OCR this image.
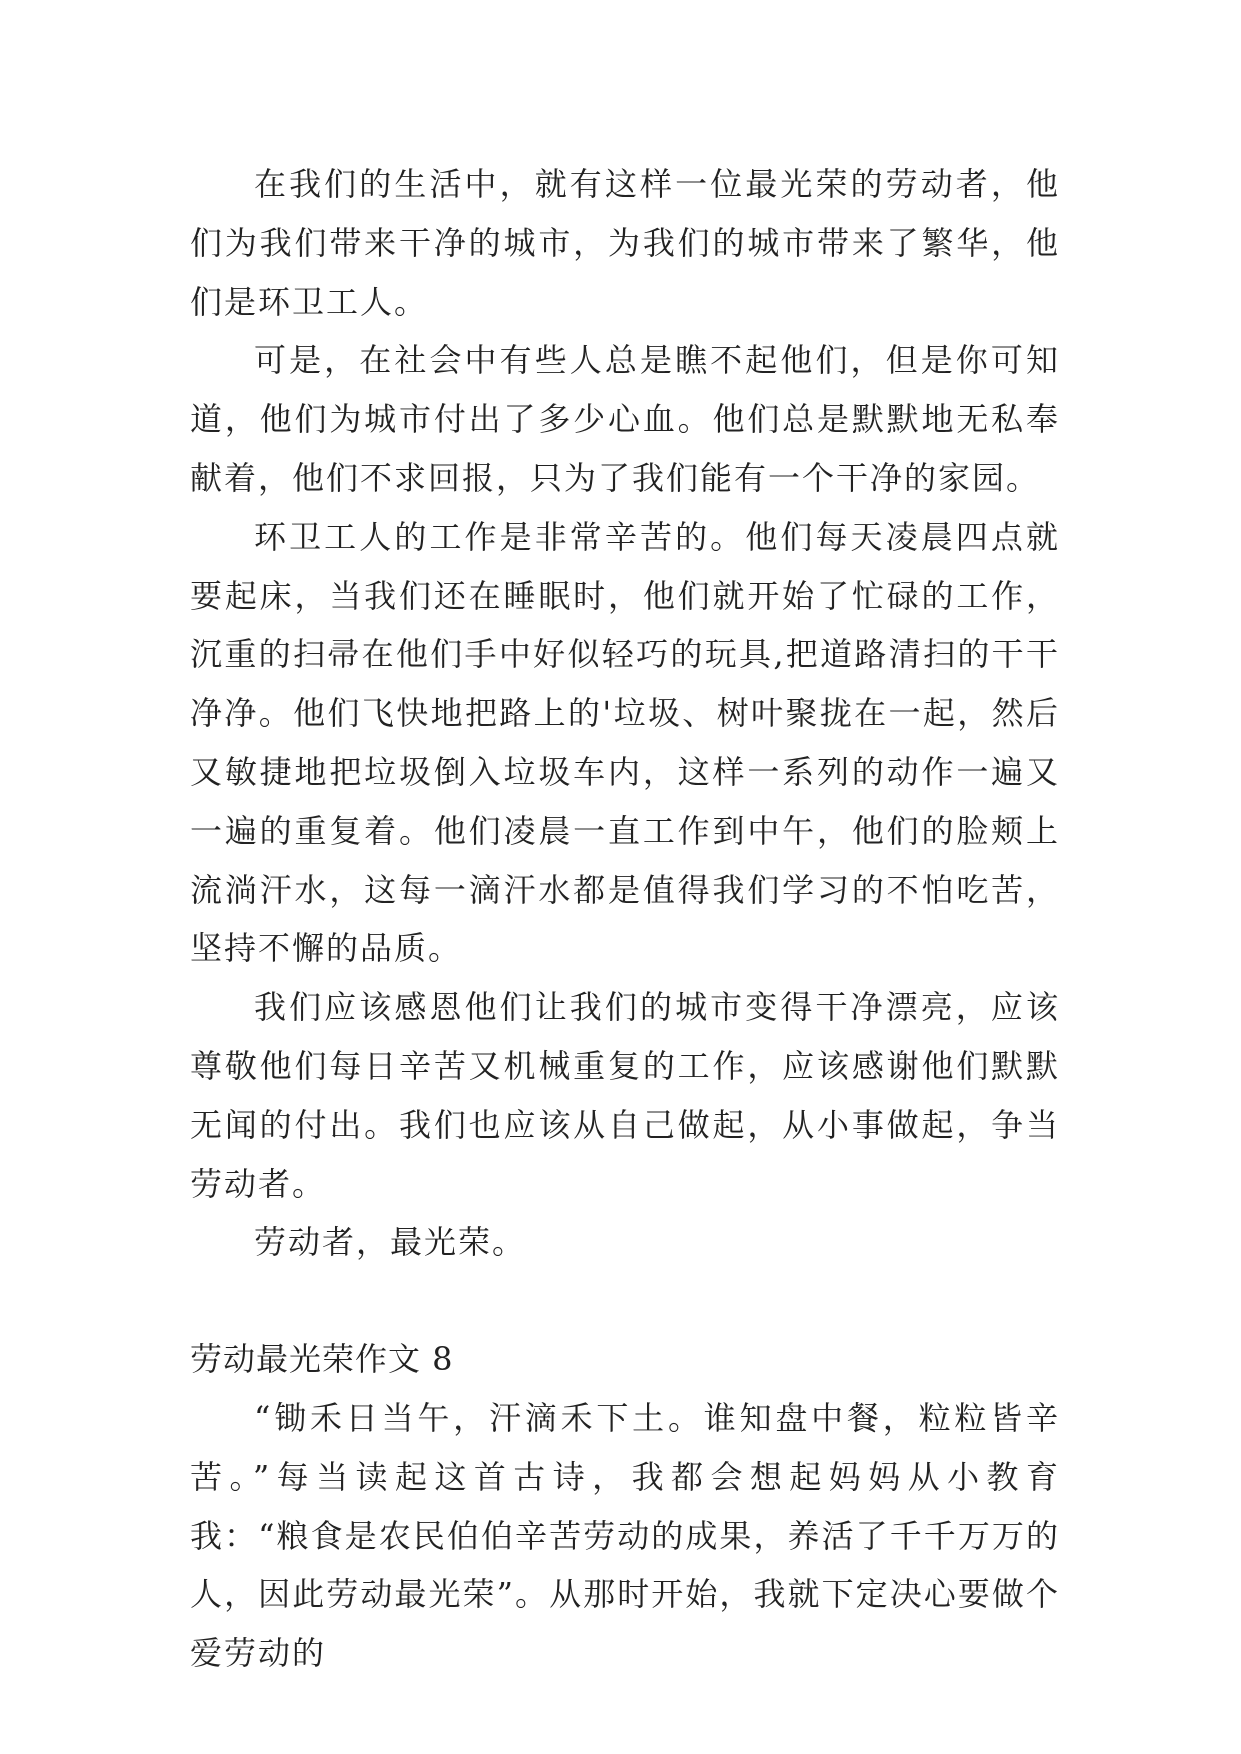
在我们的生活中，就有这样一位最光荣的劳动者，他们为我们带来干净的城市，为我们的城市带来了繁华，他们是环卫工人。

可是，在社会中有些人总是瞧不起他们，但是你可知道，他们为城市付出了多少心血。他们总是默默地无私奉献着，他们不求回报，只为了我们能有一个干净的家园。

环卫工人的工作是非常辛苦的。他们每天凌晨四点就要起床，当我们还在睡眠时，他们就开始了忙碌的工作，沉重的扫帚在他们手中好似轻巧的玩具,把道路清扫的干干净净。他们飞快地把路上的'垃圾、树叶聚拢在一起，然后又敏捷地把垃圾倒入垃圾车内，这样一系列的动作一遍又一遍的重复着。他们凌晨一直工作到中午，他们的脸颊上流淌汗水，这每一滴汗水都是值得我们学习的不怕吃苦，坚持不懈的品质。

我们应该感恩他们让我们的城市变得干净漂亮，应该尊敬他们每日辛苦又机械重复的工作，应该感谢他们默默无闻的付出。我们也应该从自己做起，从小事做起，争当劳动者。

劳动者，最光荣。

劳动最光荣作文 8

“锄禾日当午，汗滴禾下土。谁知盘中餐，粒粒皆辛苦。”每当读起这首古诗，我都会想起妈妈从小教育我：“粮食是农民伯伯辛苦劳动的成果，养活了千千万万的人，因此劳动最光荣”。从那时开始，我就下定决心要做个爱劳动的
